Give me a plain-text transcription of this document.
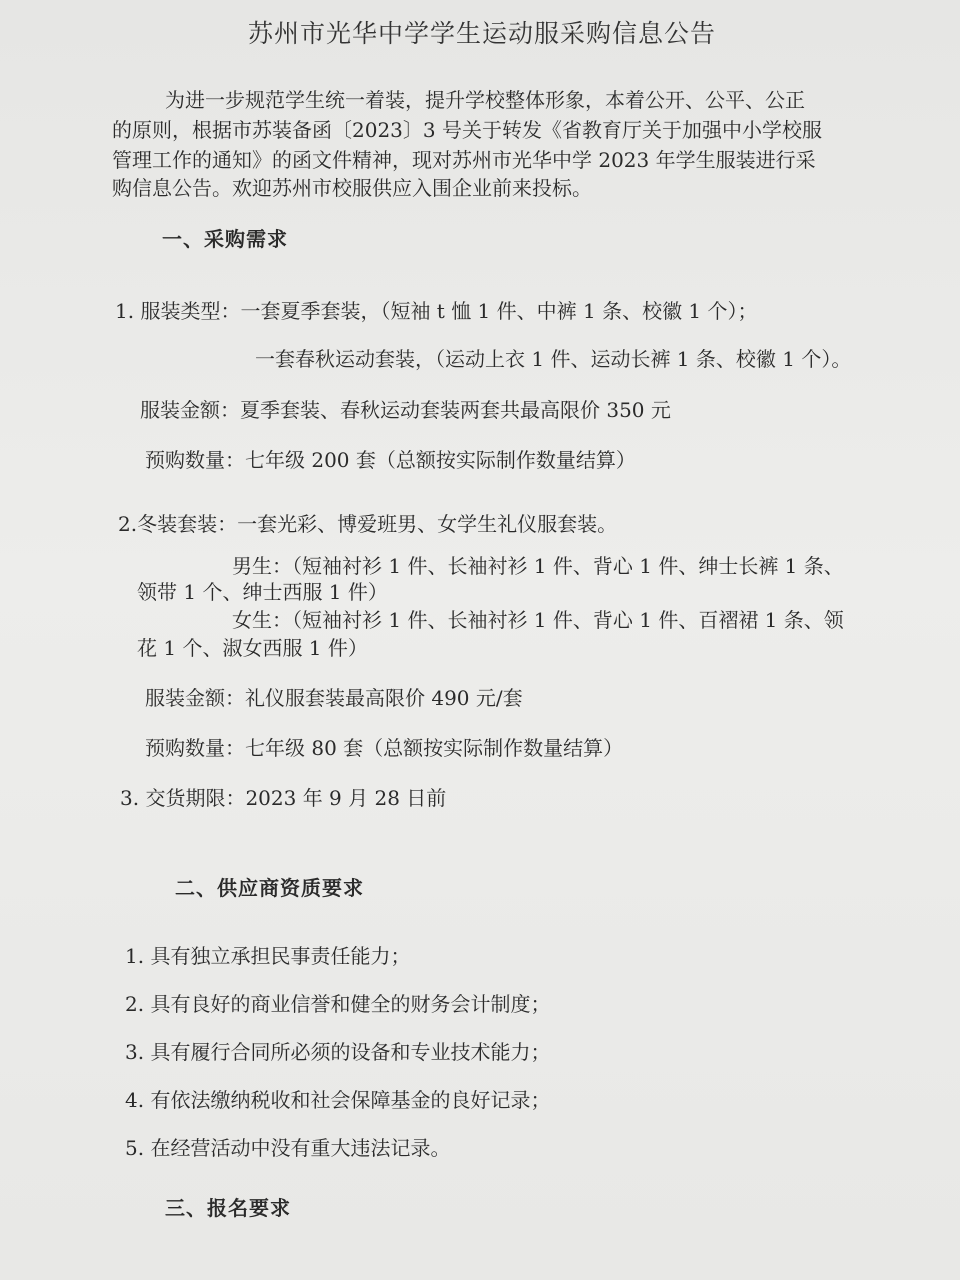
苏州市光华中学学生运动服采购信息公告
为进一步规范学生统一着装，提升学校整体形象，本着公开、公平、公正
的原则，根据市苏装备函〔2023〕3 号关于转发《省教育厅关于加强中小学校服
管理工作的通知》的函文件精神，现对苏州市光华中学 2023 年学生服装进行采
购信息公告。欢迎苏州市校服供应入围企业前来投标。
一、采购需求
1. 服装类型：一套夏季套装，（短袖 t 恤 1 件、中裤 1 条、校徽 1 个）；
一套春秋运动套装，（运动上衣 1 件、运动长裤 1 条、校徽 1 个）。
服装金额：夏季套装、春秋运动套装两套共最高限价 350 元
预购数量：七年级 200 套（总额按实际制作数量结算）
2.冬装套装：一套光彩、博爱班男、女学生礼仪服套装。
男生：（短袖衬衫 1 件、长袖衬衫 1 件、背心 1 件、绅士长裤 1 条、
领带 1 个、绅士西服 1 件）
女生：（短袖衬衫 1 件、长袖衬衫 1 件、背心 1 件、百褶裙 1 条、领
花 1 个、淑女西服 1 件）
服装金额：礼仪服套装最高限价 490 元/套
预购数量：七年级 80 套（总额按实际制作数量结算）
3. 交货期限：2023 年 9 月 28 日前
二、供应商资质要求
1. 具有独立承担民事责任能力；
2. 具有良好的商业信誉和健全的财务会计制度；
3. 具有履行合同所必须的设备和专业技术能力；
4. 有依法缴纳税收和社会保障基金的良好记录；
5. 在经营活动中没有重大违法记录。
三、报名要求
